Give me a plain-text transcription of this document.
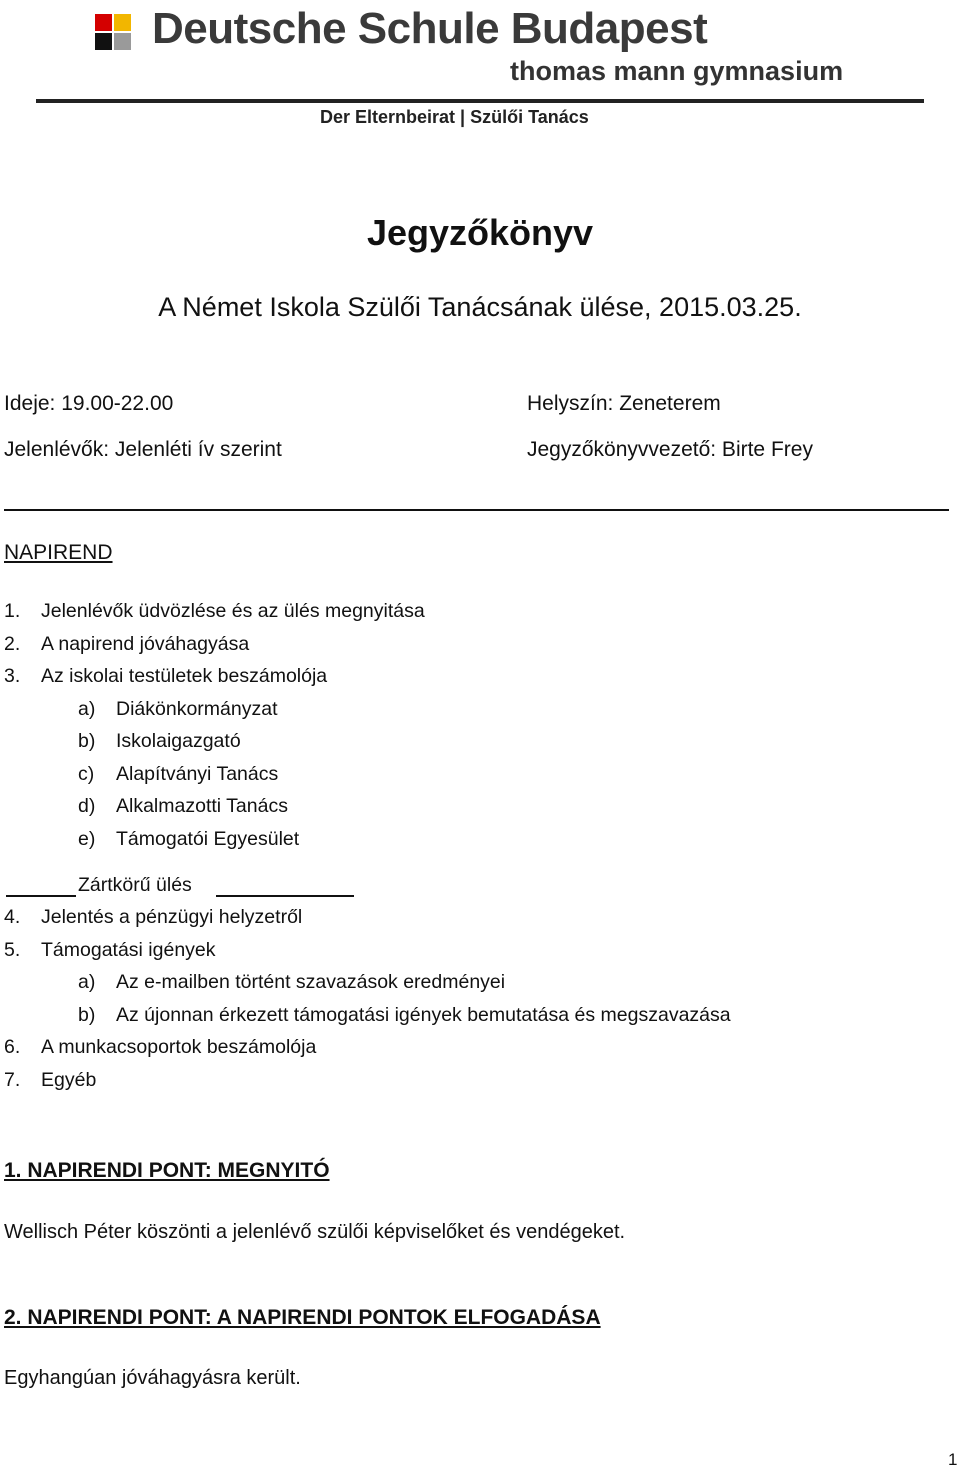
Deutsche Schule Budapest
thomas mann gymnasium
Der Elternbeirat | Szülői Tanács
Jegyzőkönyv
A Német Iskola Szülői Tanácsának ülése, 2015.03.25.
Ideje: 19.00-22.00	Helyszín: Zeneterem
Jelenlévők: Jelenléti ív szerint	Jegyzőkönyvvezető: Birte Frey
NAPIREND
1. Jelenlévők üdvözlése és az ülés megnyitása
2. A napirend jóváhagyása
3. Az iskolai testületek beszámolója
a) Diákönkormányzat
b) Iskolaigazgató
c) Alapítványi Tanács
d) Alkalmazotti Tanács
e) Támogatói Egyesület
Zártkörű ülés
4. Jelentés a pénzügyi helyzetről
5. Támogatási igények
a) Az e-mailben történt szavazások eredményei
b) Az újonnan érkezett támogatási igények bemutatása és megszavazása
6. A munkacsoportok beszámolója
7. Egyéb
1. NAPIRENDI PONT: MEGNYITÓ
Wellisch Péter köszönti a jelenlévő szülői képviselőket és vendégeket.
2. NAPIRENDI PONT: A NAPIRENDI PONTOK ELFOGADÁSA
Egyhangúan jóváhagyásra került.
1
